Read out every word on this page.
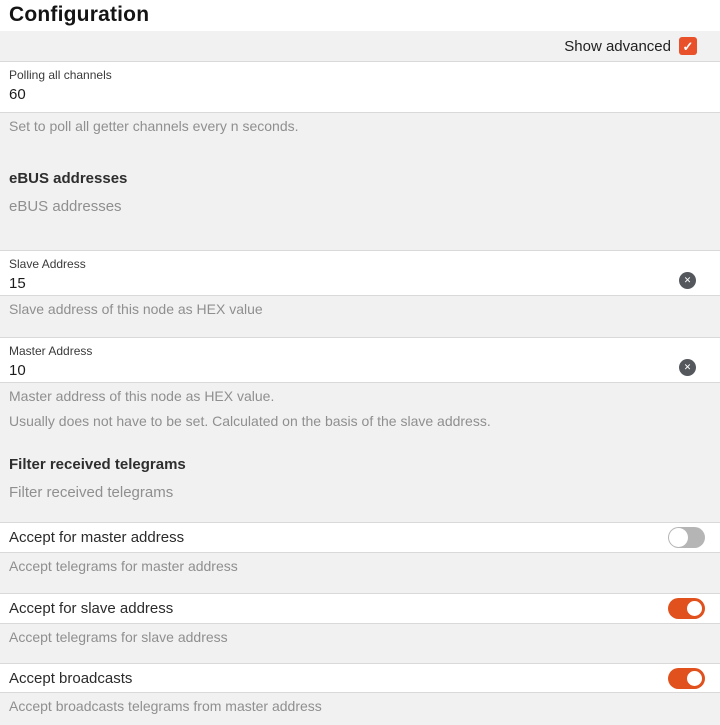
Configuration
Show advanced ✓
Polling all channels
60
Set to poll all getter channels every n seconds.
eBUS addresses
eBUS addresses
Slave Address
15
✕
Slave address of this node as HEX value
Master Address
10
✕
Master address of this node as HEX value.
Usually does not have to be set. Calculated on the basis of the slave address.
Filter received telegrams
Filter received telegrams
Accept for master address
Accept telegrams for master address
Accept for slave address
Accept telegrams for slave address
Accept broadcasts
Accept broadcasts telegrams from master address
